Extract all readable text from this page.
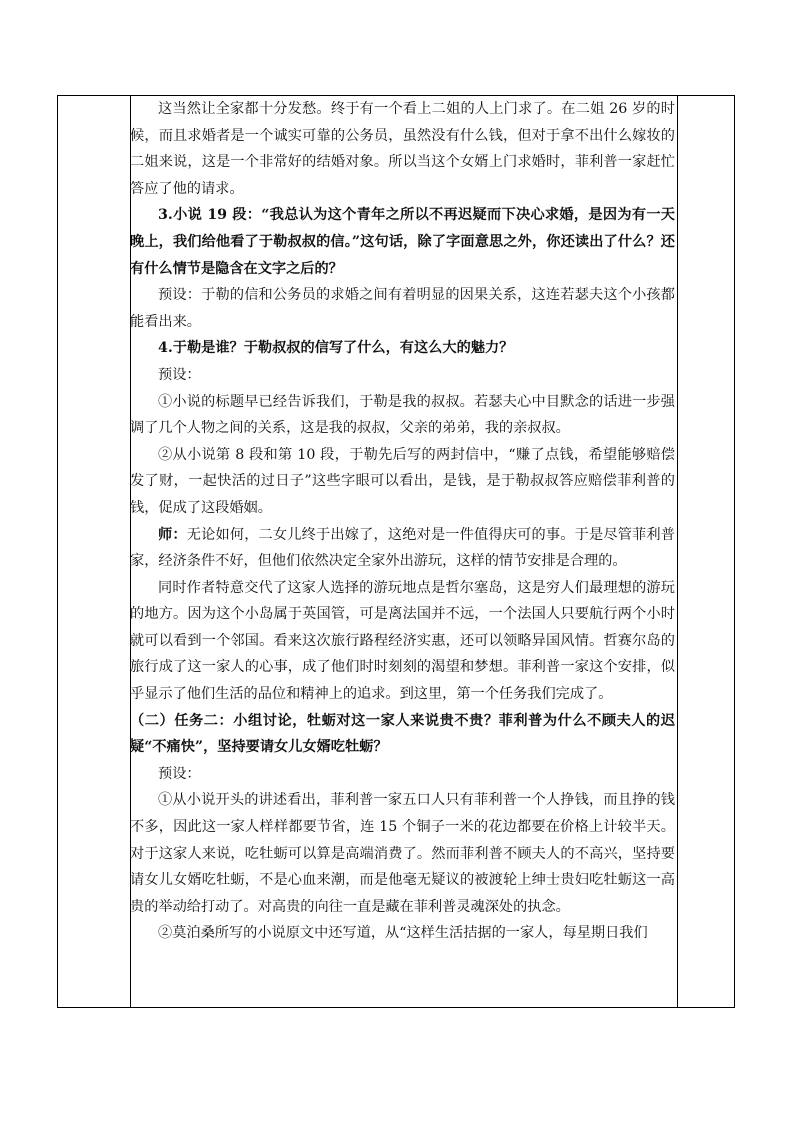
这当然让全家都十分发愁。终于有一个看上二姐的人上门求了。在二姐 26 岁的时候，而且求婚者是一个诚实可靠的公务员，虽然没有什么钱，但对于拿不出什么嫁妆的二姐来说，这是一个非常好的结婚对象。所以当这个女婿上门求婚时，菲利普一家赶忙答应了他的请求。

3.小说 19 段：“我总认为这个青年之所以不再迟疑而下决心求婚，是因为有一天晚上，我们给他看了于勒叔叔的信。”这句话，除了字面意思之外，你还读出了什么？还有什么情节是隐含在文字之后的？

预设：于勒的信和公务员的求婚之间有着明显的因果关系，这连若瑟夫这个小孩都能看出来。

4.于勒是谁？于勒叔叔的信写了什么，有这么大的魅力？

预设：

①小说的标题早已经告诉我们，于勒是我的叔叔。若瑟夫心中目默念的话进一步强调了几个人物之间的关系，这是我的叔叔，父亲的弟弟，我的亲叔叔。

②从小说第 8 段和第 10 段，于勒先后写的两封信中，“赚了点钱，希望能够赔偿发了财，一起快活的过日子”这些字眼可以看出，是钱，是于勒叔叔答应赔偿菲利普的钱，促成了这段婚姻。

师：无论如何，二女儿终于出嫁了，这绝对是一件值得庆可的事。于是尽管菲利普家，经济条件不好，但他们依然决定全家外出游玩，这样的情节安排是合理的。

同时作者特意交代了这家人选择的游玩地点是哲尔塞岛，这是穷人们最理想的游玩的地方。因为这个小岛属于英国管，可是离法国并不远，一个法国人只要航行两个小时就可以看到一个邻国。看来这次旅行路程经济实惠，还可以领略异国风情。哲赛尔岛的旅行成了这一家人的心事，成了他们时时刻刻的渴望和梦想。菲利普一家这个安排，似乎显示了他们生活的品位和精神上的追求。到这里，第一个任务我们完成了。

（二）任务二：小组讨论，牡蛎对这一家人来说贵不贵？菲利普为什么不顾夫人的迟疑“不痛快”，坚持要请女儿女婿吃牡蛎？

预设：

①从小说开头的讲述看出，菲利普一家五口人只有菲利普一个人挣钱，而且挣的钱不多，因此这一家人样样都要节省，连 15 个铜子一米的花边都要在价格上计较半天。对于这家人来说，吃牡蛎可以算是高端消费了。然而菲利普不顾夫人的不高兴，坚持要请女儿女婿吃牡蛎，不是心血来潮，而是他毫无疑议的被渡轮上绅士贵妇吃牡蛎这一高贵的举动给打动了。对高贵的向往一直是藏在菲利普灵魂深处的执念。

②莫泊桑所写的小说原文中还写道，从“这样生活拮据的一家人，每星期日我们
